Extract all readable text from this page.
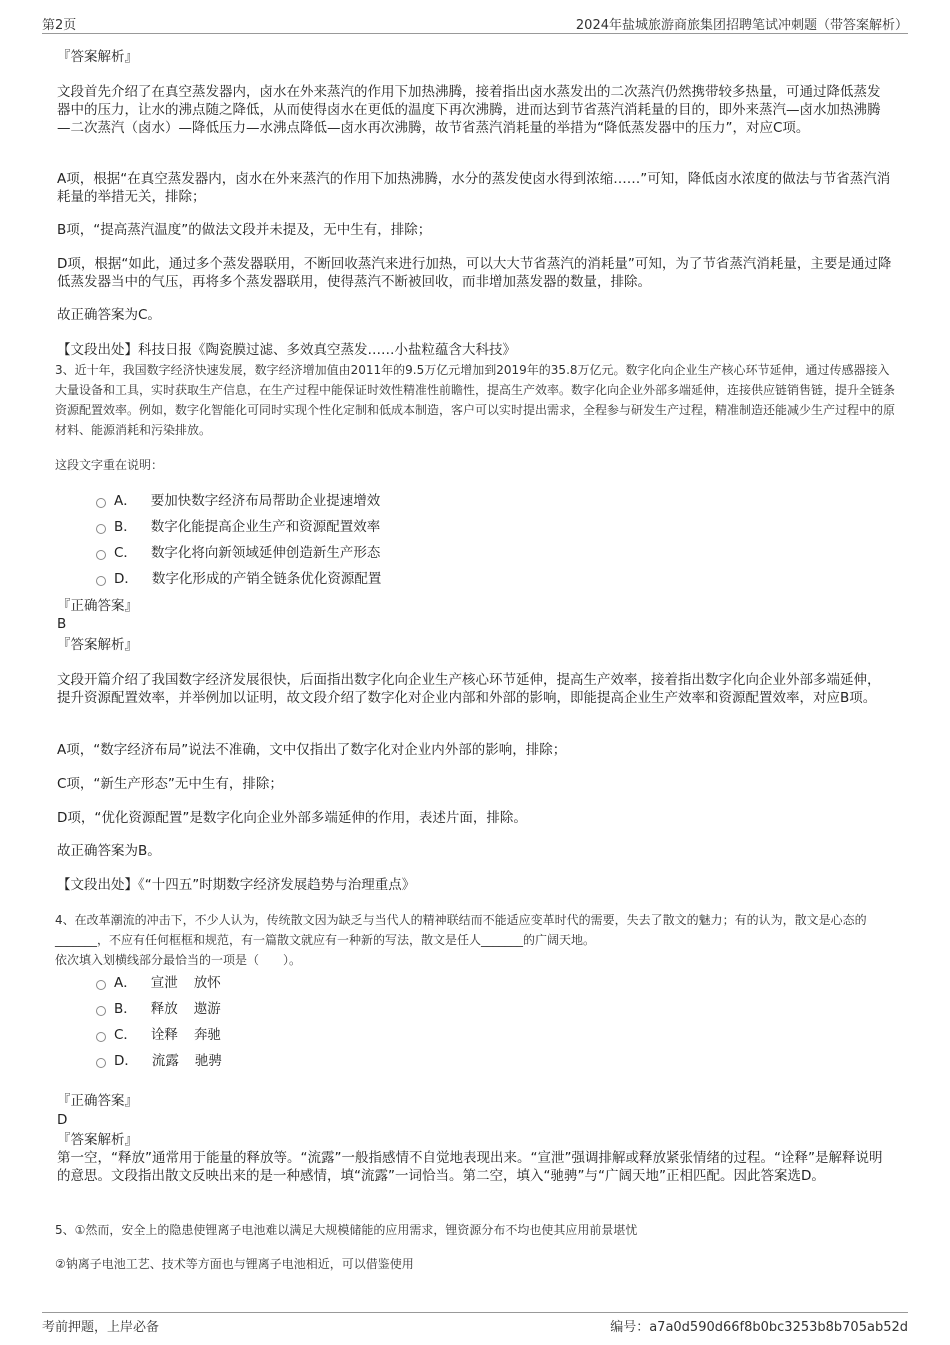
第2页	2024年盐城旅游商旅集团招聘笔试冲刺题（带答案解析）

『答案解析』

文段首先介绍了在真空蒸发器内，卤水在外来蒸汽的作用下加热沸腾，接着指出卤水蒸发出的二次蒸汽仍然携带较多热量，可通过降低蒸发器中的压力，让水的沸点随之降低，从而使得卤水在更低的温度下再次沸腾，进而达到节省蒸汽消耗量的目的，即外来蒸汽—卤水加热沸腾—二次蒸汽（卤水）—降低压力—水沸点降低—卤水再次沸腾，故节省蒸汽消耗量的举措为“降低蒸发器中的压力”，对应C项。

A项，根据“在真空蒸发器内，卤水在外来蒸汽的作用下加热沸腾，水分的蒸发使卤水得到浓缩……”可知，降低卤水浓度的做法与节省蒸汽消耗量的举措无关，排除；

B项，“提高蒸汽温度”的做法文段并未提及，无中生有，排除；

D项，根据“如此，通过多个蒸发器联用，不断回收蒸汽来进行加热，可以大大节省蒸汽的消耗量”可知，为了节省蒸汽消耗量，主要是通过降低蒸发器当中的气压，再将多个蒸发器联用，使得蒸汽不断被回收，而非增加蒸发器的数量，排除。

故正确答案为C。

【文段出处】科技日报《陶瓷膜过滤、多效真空蒸发……小盐粒蕴含大科技》

3、近十年，我国数字经济快速发展，数字经济增加值由2011年的9.5万亿元增加到2019年的35.8万亿元。数字化向企业生产核心环节延伸，通过传感器接入大量设备和工具，实时获取生产信息，在生产过程中能保证时效性精准性前瞻性，提高生产效率。数字化向企业外部多端延伸，连接供应链销售链，提升全链条资源配置效率。例如，数字化智能化可同时实现个性化定制和低成本制造，客户可以实时提出需求，全程参与研发生产过程，精准制造还能减少生产过程中的原材料、能源消耗和污染排放。

这段文字重在说明：

A． 要加快数字经济布局帮助企业提速增效
B． 数字化能提高企业生产和资源配置效率
C． 数字化将向新领域延伸创造新生产形态
D． 数字化形成的产销全链条优化资源配置

『正确答案』

B

『答案解析』

文段开篇介绍了我国数字经济发展很快，后面指出数字化向企业生产核心环节延伸，提高生产效率，接着指出数字化向企业外部多端延伸，提升资源配置效率，并举例加以证明，故文段介绍了数字化对企业内部和外部的影响，即能提高企业生产效率和资源配置效率，对应B项。

A项，“数字经济布局”说法不准确，文中仅指出了数字化对企业内外部的影响，排除；

C项，“新生产形态”无中生有，排除；

D项，“优化资源配置”是数字化向企业外部多端延伸的作用，表述片面，排除。

故正确答案为B。

【文段出处】《“十四五”时期数字经济发展趋势与治理重点》

4、在改革潮流的冲击下，不少人认为，传统散文因为缺乏与当代人的精神联结而不能适应变革时代的需要，失去了散文的魅力；有的认为，散文是心态的_______，不应有任何框框和规范，有一篇散文就应有一种新的写法，散文是任人_______的广阔天地。

依次填入划横线部分最恰当的一项是（　　）。

A． 宣泄 放怀
B． 释放 遨游
C． 诠释 奔驰
D． 流露 驰骋

『正确答案』

D

『答案解析』

第一空，“释放”通常用于能量的释放等。“流露”一般指感情不自觉地表现出来。“宣泄”强调排解或释放紧张情绪的过程。“诠释”是解释说明的意思。文段指出散文反映出来的是一种感情，填“流露”一词恰当。第二空，填入“驰骋”与“广阔天地”正相匹配。因此答案选D。

5、①然而，安全上的隐患使锂离子电池难以满足大规模储能的应用需求，锂资源分布不均也使其应用前景堪忧

②钠离子电池工艺、技术等方面也与锂离子电池相近，可以借鉴使用

考前押题，上岸必备	编号：a7a0d590d66f8b0bc3253b8b705ab52d
